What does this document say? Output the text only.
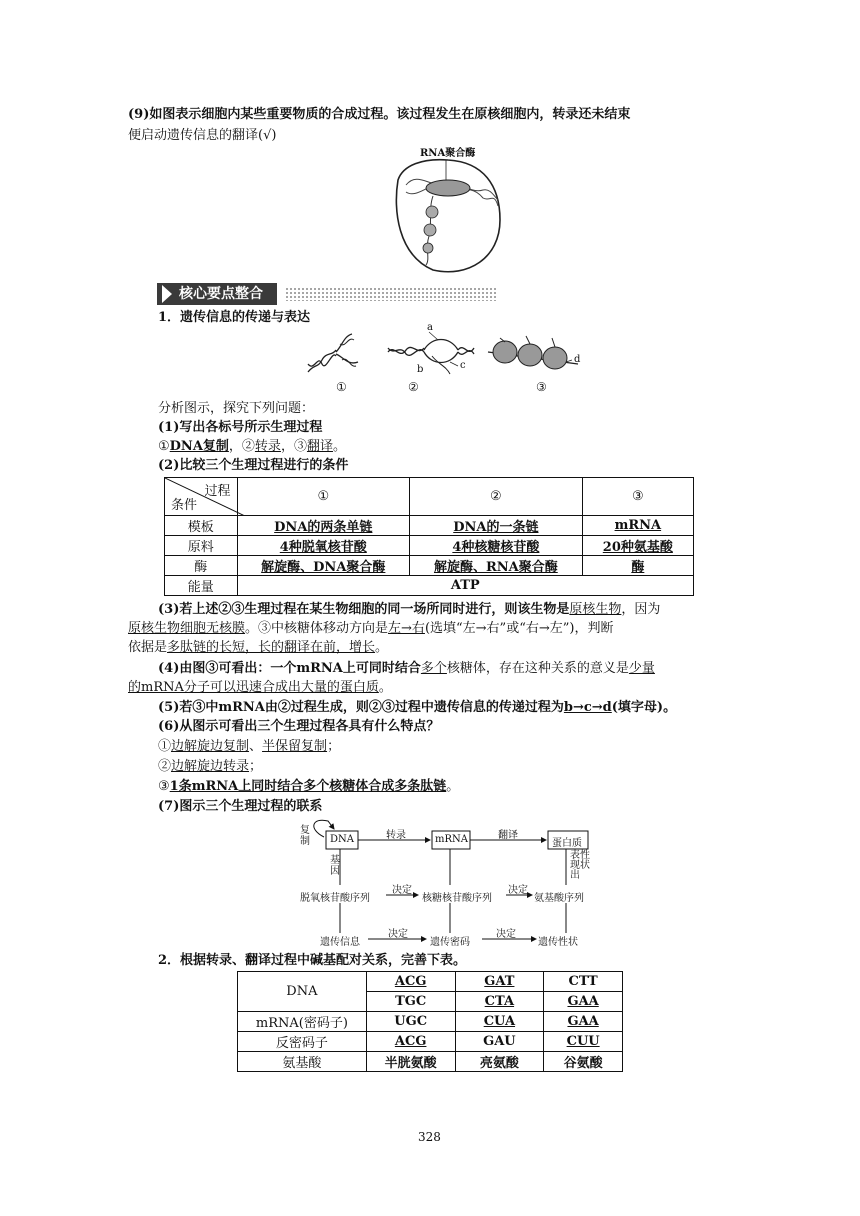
(9)如图表示细胞内某些重要物质的合成过程。该过程发生在原核细胞内，转录还未结束
便启动遗传信息的翻译(√)
RNA聚合酶
核心要点整合
1．遗传信息的传递与表达
a
b	c
d
①	②	③
分析图示，探究下列问题：
(1)写出各标号所示生理过程
①DNA复制，②转录，③翻译。
(2)比较三个生理过程进行的条件
过程
条件	①	②	③
模板	DNA的两条单链	DNA的一条链	mRNA
原料	4种脱氧核苷酸	4种核糖核苷酸	20种氨基酸
酶	解旋酶、DNA聚合酶	解旋酶、RNA聚合酶	酶
能量	ATP		
(3)若上述②③生理过程在某生物细胞的同一场所同时进行，则该生物是原核生物，因为
原核生物细胞无核膜。③中核糖体移动方向是左→右(选填“左→右”或“右→左”)，判断
依据是多肽链的长短，长的翻译在前，增长。
(4)由图③可看出：一个mRNA上可同时结合多个核糖体，存在这种关系的意义是少量
的mRNA分子可以迅速合成出大量的蛋白质。
(5)若③中mRNA由②过程生成，则②③过程中遗传信息的传递过程为b→c→d(填字母)。
(6)从图示可看出三个生理过程各具有什么特点？
①边解旋边复制、半保留复制；
②边解旋边转录；
③1条mRNA上同时结合多个核糖体合成多条肽链。
(7)图示三个生理过程的联系
复制 DNA	转录	mRNA	翻译
蛋白质
基因
表性现状出
脱氧核苷酸序列
决定
核糖核苷酸序列
决定
氨基酸序列
遗传信息
决定
遗传密码
决定
遗传性状
2．根据转录、翻译过程中碱基配对关系，完善下表。
DNA	ACG	GAT	CTT
	TGC	CTA	GAA
mRNA(密码子)	UGC	CUA	GAA
反密码子	ACG	GAU	CUU
氨基酸	半胱氨酸	亮氨酸	谷氨酸
328
